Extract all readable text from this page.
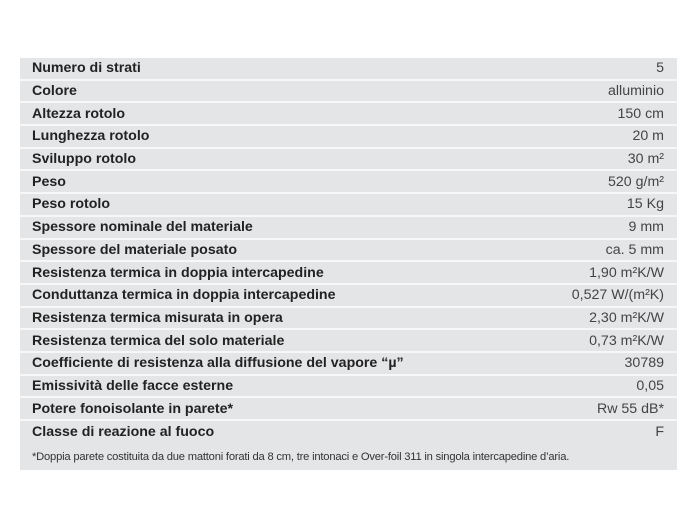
Numero di strati	5
Colore	alluminio
Altezza rotolo	150 cm
Lunghezza rotolo	20 m
Sviluppo rotolo	30 m²
Peso	520 g/m²
Peso rotolo	15 Kg
Spessore nominale del materiale	9 mm
Spessore del materiale posato	ca. 5 mm
Resistenza termica in doppia intercapedine	1,90 m²K/W
Conduttanza termica in doppia intercapedine	0,527 W/(m²K)
Resistenza termica misurata in opera	2,30 m²K/W
Resistenza termica del solo materiale	0,73 m²K/W
Coefficiente di resistenza alla diffusione del vapore “µ”	30789
Emissività delle facce esterne	0,05
Potere fonoisolante in parete*	Rw 55 dB*
Classe di reazione al fuoco	F
*Doppia parete costituita da due mattoni forati da 8 cm, tre intonaci e Over-foil 311 in singola intercapedine d’aria.
